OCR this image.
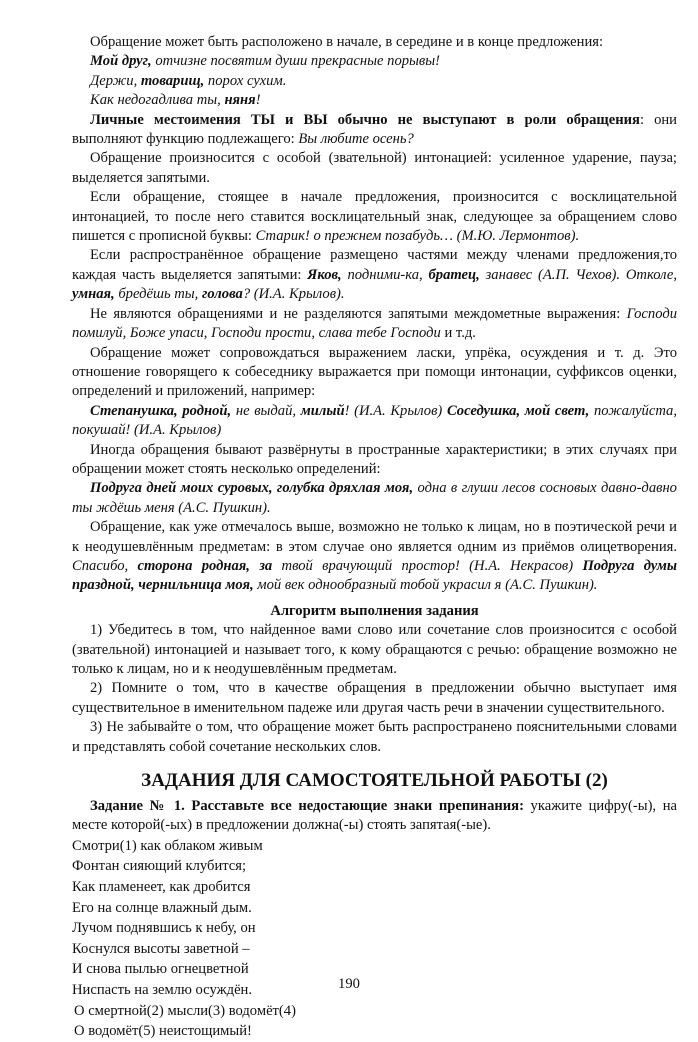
Обращение может быть расположено в начале, в середине и в конце предложения:

Мой друг, отчизне посвятим души прекрасные порывы!

Держи, товарищ, порох сухим.

Как недогадлива ты, няня!

Личные местоимения ТЫ и ВЫ обычно не выступают в роли обращения: они выполняют функцию подлежащего: Вы любите осень?

Обращение произносится с особой (звательной) интонацией: усиленное ударение, пауза; выделяется запятыми.

Если обращение, стоящее в начале предложения, произносится с восклицательной интонацией, то после него ставится восклицательный знак, следующее за обращением слово пишется с прописной буквы: Старик! о прежнем позабудь… (М.Ю. Лермонтов).

Если распространённое обращение размещено частями между членами предложения,то каждая часть выделяется запятыми: Яков, подними-ка, братец, занавес (А.П. Чехов). Отколе, умная, бредёшь ты, голова? (И.А. Крылов).

Не являются обращениями и не разделяются запятыми междометные выражения: Господи помилуй, Боже упаси, Господи прости, слава тебе Господи и т.д.

Обращение может сопровождаться выражением ласки, упрёка, осуждения и т. д. Это отношение говорящего к собеседнику выражается при помощи интонации, суффиксов оценки, определений и приложений, например:

Степанушка, родной, не выдай, милый! (И.А. Крылов) Соседушка, мой свет, пожалуйста, покушай! (И.А. Крылов)

Иногда обращения бывают развёрнуты в пространные характеристики; в этих случаях при обращении может стоять несколько определений:

Подруга дней моих суровых, голубка дряхлая моя, одна в глуши лесов сосновых давно-давно ты ждёшь меня (А.С. Пушкин).

Обращение, как уже отмечалось выше, возможно не только к лицам, но в поэтической речи и к неодушевлённым предметам: в этом случае оно является одним из приёмов олицетворения. Спасибо, сторона родная, за твой врачующий простор! (Н.А. Некрасов) Подруга думы праздной, чернильница моя, мой век однообразный тобой украсил я (А.С. Пушкин).

Алгоритм выполнения задания

1) Убедитесь в том, что найденное вами слово или сочетание слов произносится с особой (звательной) интонацией и называет того, к кому обращаются с речью: обращение возможно не только к лицам, но и к неодушевлённым предметам.

2) Помните о том, что в качестве обращения в предложении обычно выступает имя существительное в именительном падеже или другая часть речи в значении существительного.

3) Не забывайте о том, что обращение может быть распространено пояснительными словами и представлять собой сочетание нескольких слов.

ЗАДАНИЯ ДЛЯ САМОСТОЯТЕЛЬНОЙ РАБОТЫ (2)

Задание № 1. Расставьте все недостающие знаки препинания: укажите цифру(-ы), на месте которой(-ых) в предложении должна(-ы) стоять запятая(-ые).

Смотри(1) как облаком живым
Фонтан сияющий клубится;
Как пламенеет, как дробится
Его на солнце влажный дым.
Лучом поднявшись к небу, он
Коснулся высоты заветной –
И снова пылью огнецветной
Ниспасть на землю осуждён.
О смертной(2) мысли(3) водомёт(4)
О водомёт(5) неистощимый!
190
